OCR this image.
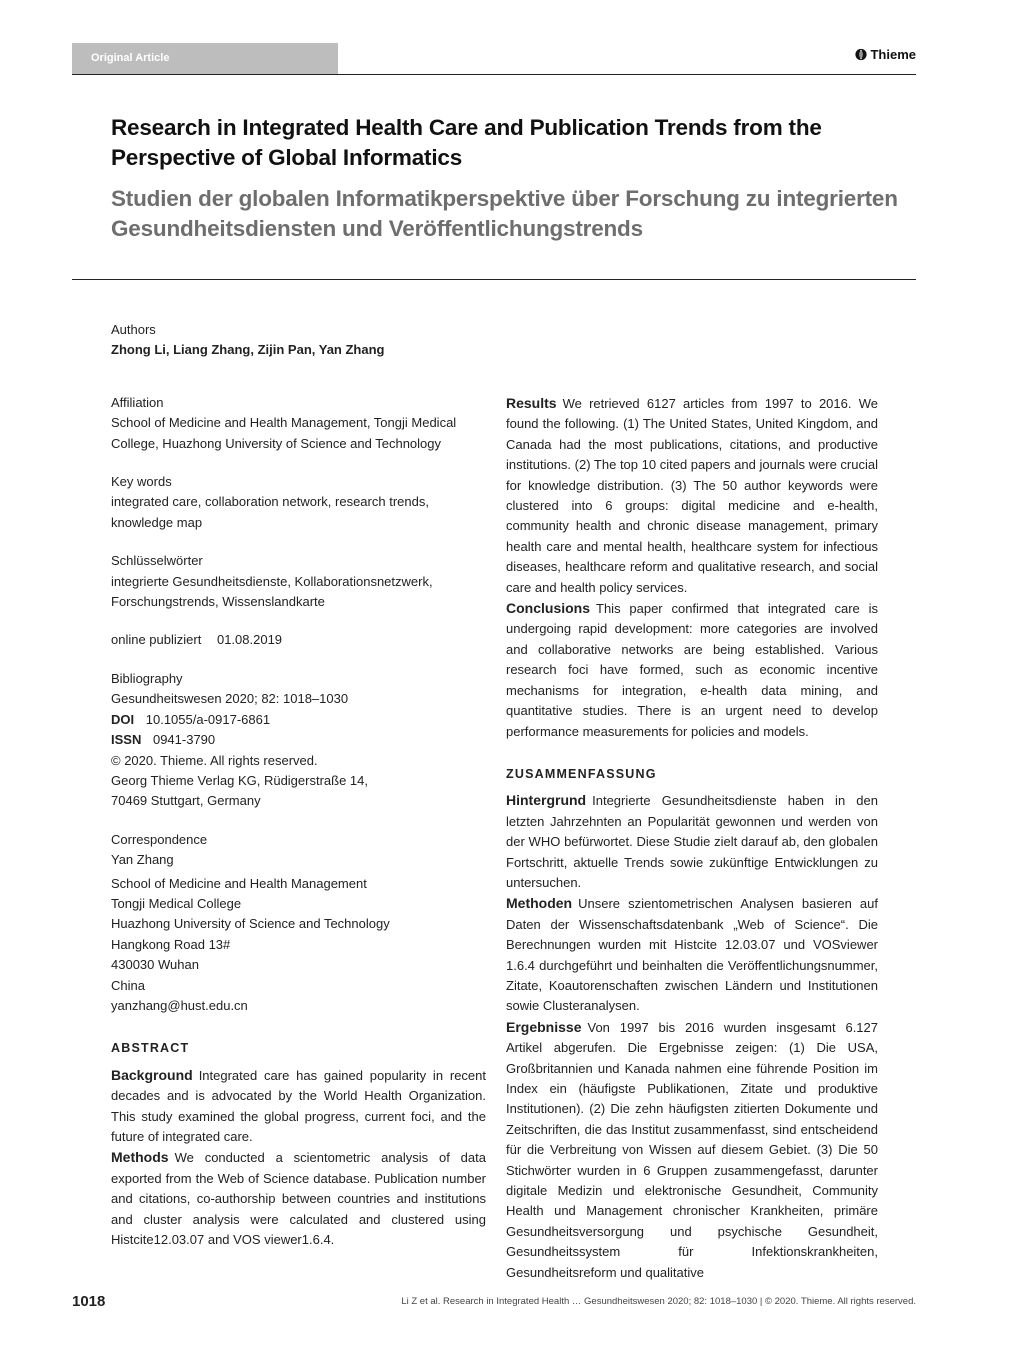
Original Article	Thieme
Research in Integrated Health Care and Publication Trends from the Perspective of Global Informatics
Studien der globalen Informatikperspektive über Forschung zu integrierten Gesundheitsdiensten und Veröffentlichungstrends

Authors

Zhong Li, Liang Zhang, Zijin Pan, Yan Zhang

Affiliation

School of Medicine and Health Management, Tongji Medical College, Huazhong University of Science and Technology

Key words

integrated care, collaboration network, research trends, knowledge map

Schlüsselwörter

integrierte Gesundheitsdienste, Kollaborationsnetzwerk, Forschungstrends, Wissenslandkarte

online publiziert 01.08.2019

Bibliography

Gesundheitswesen 2020; 82: 1018–1030

DOI 10.1055/a-0917-6861

ISSN 0941-3790

© 2020. Thieme. All rights reserved.

Georg Thieme Verlag KG, Rüdigerstraße 14,

70469 Stuttgart, Germany

Correspondence

Yan Zhang

School of Medicine and Health Management
Tongji Medical College
Huazhong University of Science and Technology
Hangkong Road 13#
430030 Wuhan
China
yanzhang@hust.edu.cn

ABSTRACT

Background Integrated care has gained popularity in recent decades and is advocated by the World Health Organization. This study examined the global progress, current foci, and the future of integrated care.

Methods We conducted a scientometric analysis of data exported from the Web of Science database. Publication number and citations, co-authorship between countries and institutions and cluster analysis were calculated and clustered using Histcite12.03.07 and VOS viewer1.6.4.

Results We retrieved 6127 articles from 1997 to 2016. We found the following. (1) The United States, United Kingdom, and Canada had the most publications, citations, and productive institutions. (2) The top 10 cited papers and journals were crucial for knowledge distribution. (3) The 50 author keywords were clustered into 6 groups: digital medicine and e-health, community health and chronic disease management, primary health care and mental health, healthcare system for infectious diseases, healthcare reform and qualitative research, and social care and health policy services.

Conclusions This paper confirmed that integrated care is undergoing rapid development: more categories are involved and collaborative networks are being established. Various research foci have formed, such as economic incentive mechanisms for integration, e-health data mining, and quantitative studies. There is an urgent need to develop performance measurements for policies and models.

ZUSAMMENFASSUNG

Hintergrund Integrierte Gesundheitsdienste haben in den letzten Jahrzehnten an Popularität gewonnen und werden von der WHO befürwortet. Diese Studie zielt darauf ab, den globalen Fortschritt, aktuelle Trends sowie zukünftige Entwicklungen zu untersuchen.

Methoden Unsere szientometrischen Analysen basieren auf Daten der Wissenschaftsdatenbank „Web of Science“. Die Berechnungen wurden mit Histcite 12.03.07 und VOSviewer 1.6.4 durchgeführt und beinhalten die Veröffentlichungsnummer, Zitate, Koautorenschaften zwischen Ländern und Institutionen sowie Clusteranalysen.

Ergebnisse Von 1997 bis 2016 wurden insgesamt 6.127 Artikel abgerufen. Die Ergebnisse zeigen: (1) Die USA, Großbritannien und Kanada nahmen eine führende Position im Index ein (häufigste Publikationen, Zitate und produktive Institutionen). (2) Die zehn häufigsten zitierten Dokumente und Zeitschriften, die das Institut zusammenfasst, sind entscheidend für die Verbreitung von Wissen auf diesem Gebiet. (3) Die 50 Stichwörter wurden in 6 Gruppen zusammengefasst, darunter digitale Medizin und elektronische Gesundheit, Community Health und Management chronischer Krankheiten, primäre Gesundheitsversorgung und psychische Gesundheit, Gesundheitssystem für Infektionskrankheiten, Gesundheitsreform und qualitative

1018	Li Z et al. Research in Integrated Health … Gesundheitswesen 2020; 82: 1018–1030 | © 2020. Thieme. All rights reserved.
